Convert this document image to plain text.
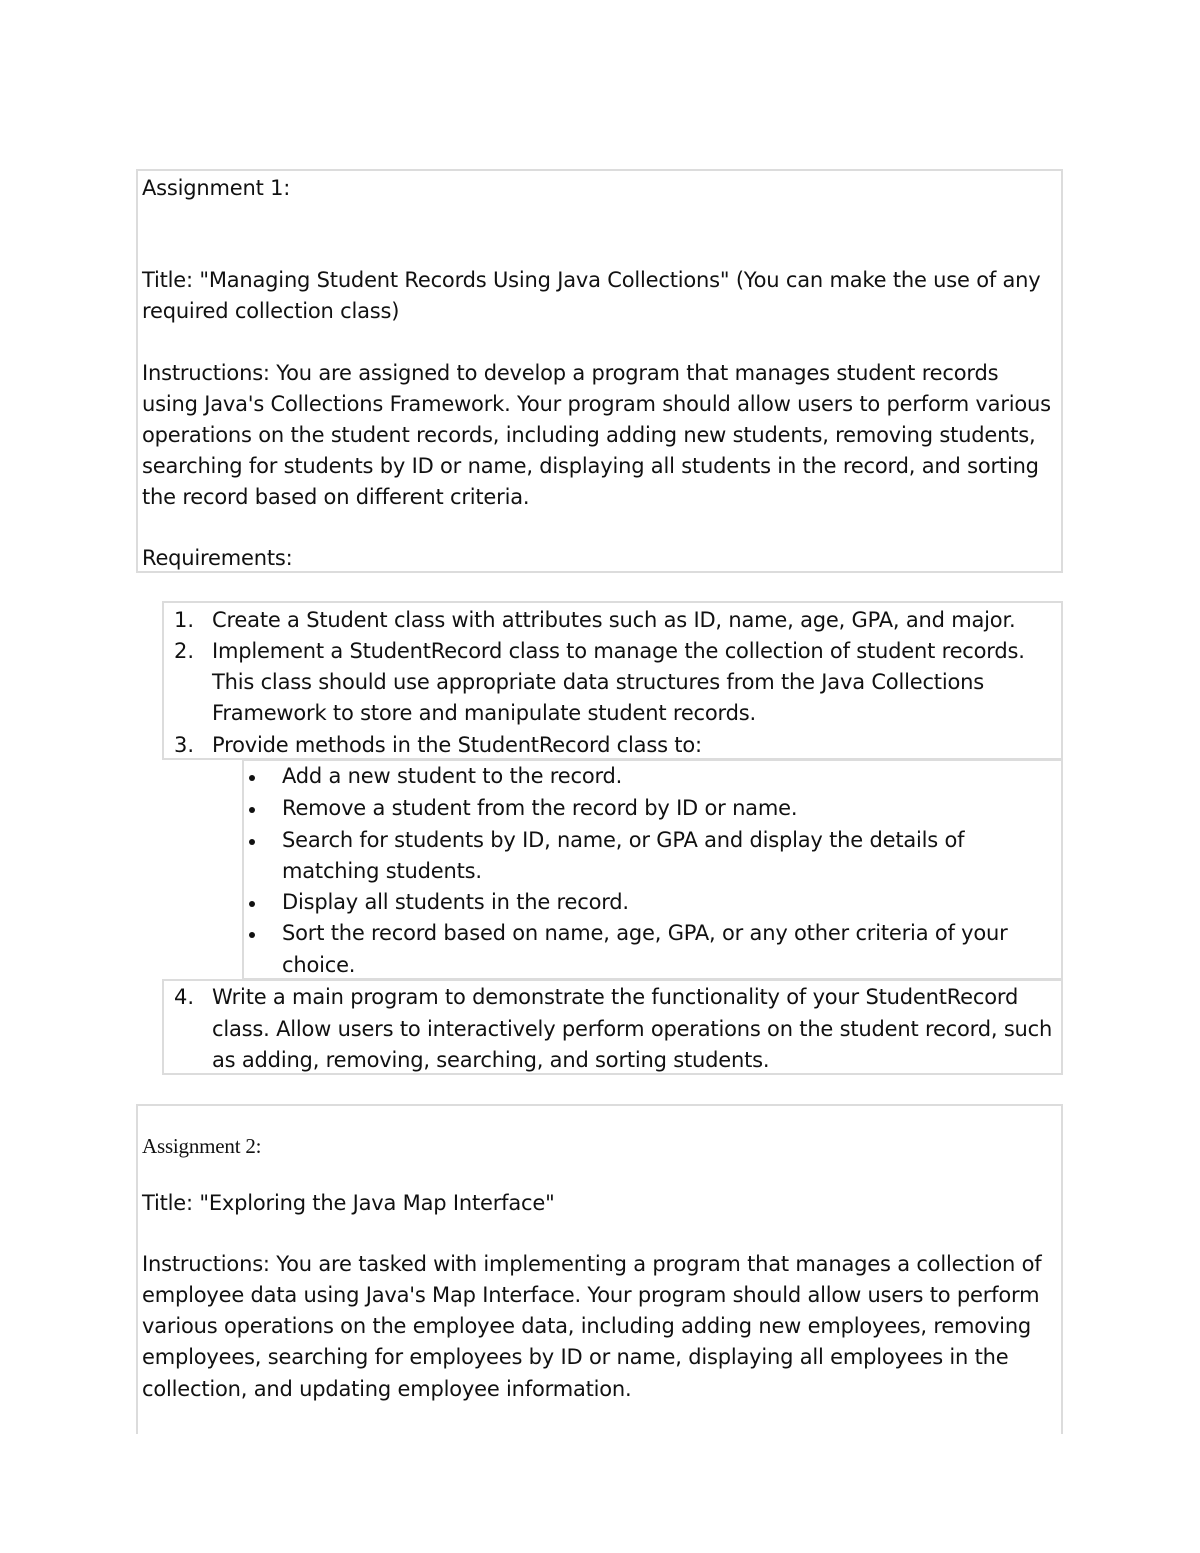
Assignment 1:
Title: "Managing Student Records Using Java Collections" (You can make the use of any
required collection class)
Instructions: You are assigned to develop a program that manages student records
using Java's Collections Framework. Your program should allow users to perform various
operations on the student records, including adding new students, removing students,
searching for students by ID or name, displaying all students in the record, and sorting
the record based on different criteria.
Requirements:
1. Create a Student class with attributes such as ID, name, age, GPA, and major.
2. Implement a StudentRecord class to manage the collection of student records.
This class should use appropriate data structures from the Java Collections
Framework to store and manipulate student records.
3. Provide methods in the StudentRecord class to:
Add a new student to the record.
Remove a student from the record by ID or name.
Search for students by ID, name, or GPA and display the details of
matching students.
Display all students in the record.
Sort the record based on name, age, GPA, or any other criteria of your
choice.
4. Write a main program to demonstrate the functionality of your StudentRecord
class. Allow users to interactively perform operations on the student record, such
as adding, removing, searching, and sorting students.
Assignment 2:
Title: "Exploring the Java Map Interface"
Instructions: You are tasked with implementing a program that manages a collection of
employee data using Java's Map Interface. Your program should allow users to perform
various operations on the employee data, including adding new employees, removing
employees, searching for employees by ID or name, displaying all employees in the
collection, and updating employee information.
